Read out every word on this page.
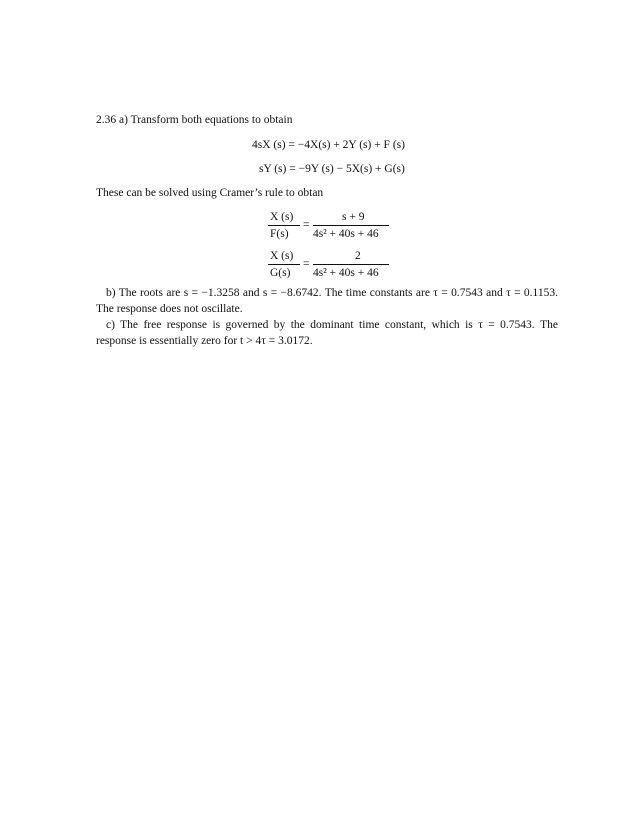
2.36 a) Transform both equations to obtain
4sX (s) = −4X(s) + 2Y (s) + F (s)
sY (s) = −9Y (s) − 5X(s) + G(s)
These can be solved using Cramer’s rule to obtan
X (s)
F(s)
=
s + 9
4s² + 40s + 46
X (s)
G(s)
=
2
4s² + 40s + 46
b) The roots are s = −1.3258 and s = −8.6742. The time constants are τ = 0.7543 and τ = 0.1153. The response does not oscillate.
c) The free response is governed by the dominant time constant, which is τ = 0.7543. The response is essentially zero for t > 4τ = 3.0172.
